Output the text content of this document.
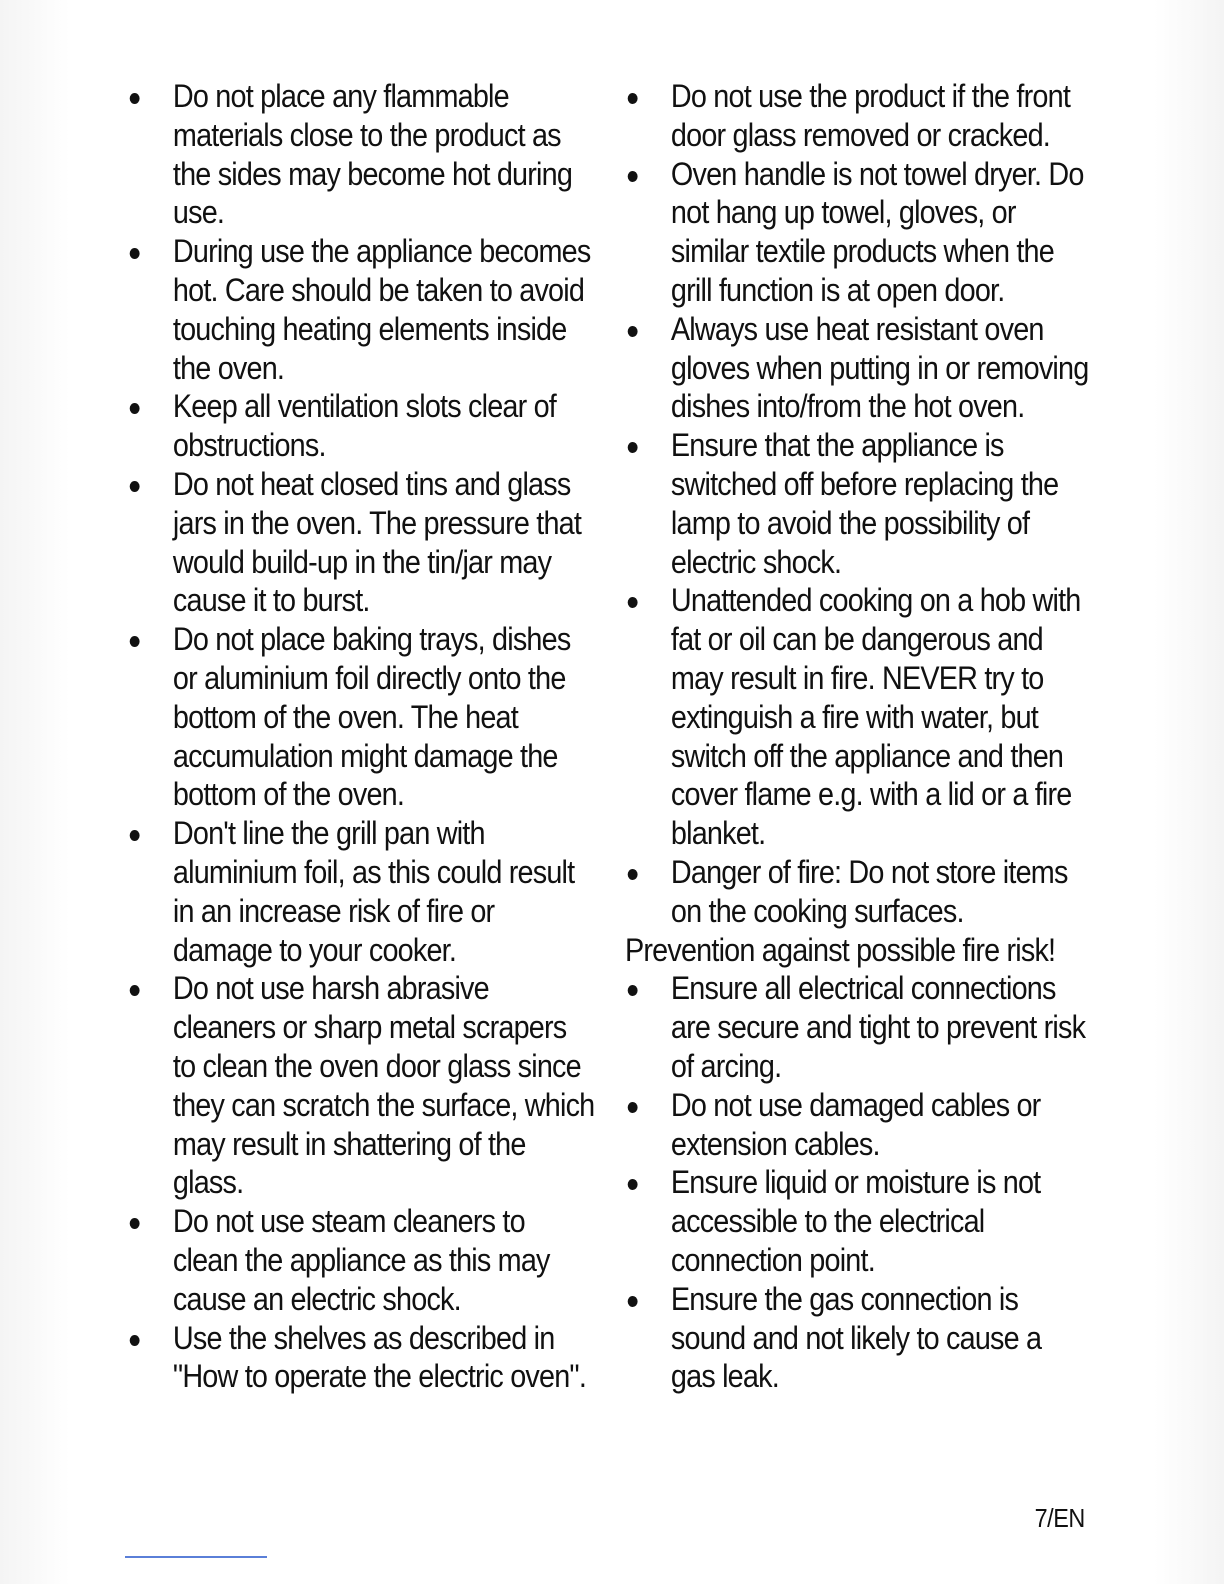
Do not place any flammable materials close to the product as the sides may become hot during use.
During use the appliance becomes hot. Care should be taken to avoid touching heating elements inside the oven.
Keep all ventilation slots clear of obstructions.
Do not heat closed tins and glass jars in the oven. The pressure that would build-up in the tin/jar may cause it to burst.
Do not place baking trays, dishes or aluminium foil directly onto the bottom of the oven. The heat accumulation might damage the bottom of the oven.
Don't line the grill pan with aluminium foil, as this could result in an increase risk of fire or damage to your cooker.
Do not use harsh abrasive cleaners or sharp metal scrapers to clean the oven door glass since they can scratch the surface, which may result in shattering of the glass.
Do not use steam cleaners to clean the appliance as this may cause an electric shock.
Use the shelves as described in "How to operate the electric oven".
Do not use the product if the front door glass removed or cracked.
Oven handle is not towel dryer. Do not hang up towel, gloves, or similar textile products when the grill function is at open door.
Always use heat resistant oven gloves when putting in or removing dishes into/from the hot oven.
Ensure that the appliance is switched off before replacing the lamp to avoid the possibility of electric shock.
Unattended cooking on a hob with fat or oil can be dangerous and may result in fire. NEVER try to extinguish a fire with water, but switch off the appliance and then cover flame e.g. with a lid or a fire blanket.
Danger of fire: Do not store items on the cooking surfaces.

Prevention against possible fire risk!

Ensure all electrical connections are secure and tight to prevent risk of arcing.
Do not use damaged cables or extension cables.
Ensure liquid or moisture is not accessible to the electrical connection point.
Ensure the gas connection is sound and not likely to cause a gas leak.
7/EN
